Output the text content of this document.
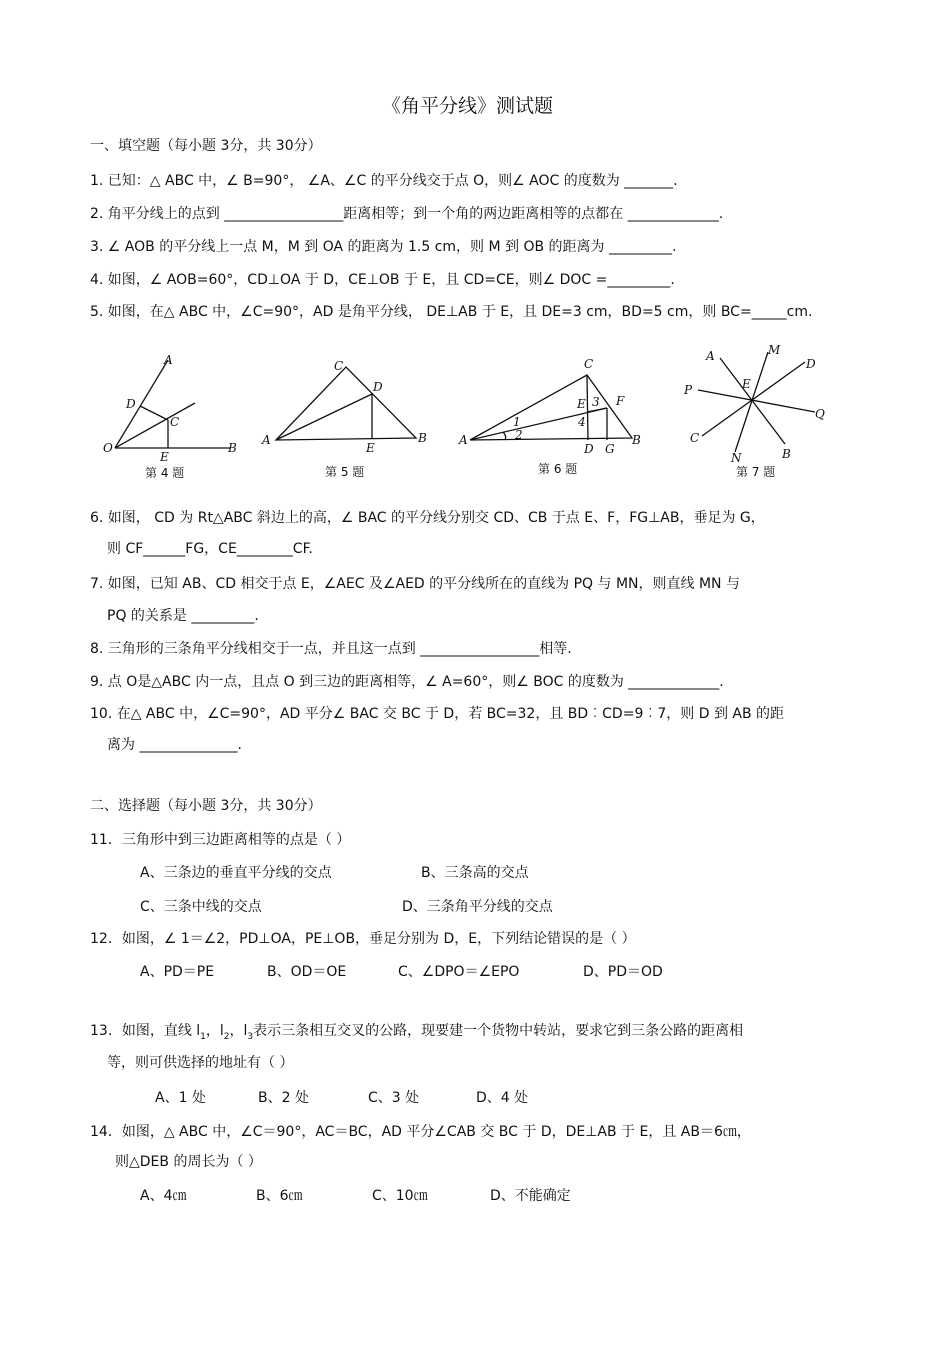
《角平分线》测试题
一、填空题（每小题 3分，共 30分）
1. 已知：△ ABC 中，∠ B=90°， ∠A、∠C 的平分线交于点 O，则∠ AOC 的度数为 _______.
2. 角平分线上的点到 _________________距离相等；到一个角的两边距离相等的点都在 _____________.
3. ∠ AOB 的平分线上一点 M，M 到 OA 的距离为 1.5 cm，则 M 到 OB 的距离为 _________.
4. 如图，∠ AOB=60°，CD⊥OA 于 D，CE⊥OB 于 E，且 CD=CE，则∠ DOC =_________.
5. 如图，在△ ABC 中，∠C=90°，AD 是角平分线， DE⊥AB 于 E，且 DE=3 cm，BD=5 cm，则 BC=_____cm.
A
D
C
O
E
B
第 4 题
C
D
A
E
B
第 5 题
C
E	F
A
D G
B
1
2
3
4
第 6 题
A	M
D
E
P
Q
C
N	B
第 7 题
6. 如图， CD 为 Rt△ABC 斜边上的高，∠ BAC 的平分线分别交 CD、CB 于点 E、F，FG⊥AB，垂足为 G，
则 CF______FG，CE________CF.
7. 如图，已知 AB、CD 相交于点 E，∠AEC 及∠AED 的平分线所在的直线为 PQ 与 MN，则直线 MN 与
PQ 的关系是 _________.
8. 三角形的三条角平分线相交于一点，并且这一点到 _________________相等.
9. 点 O是△ABC 内一点，且点 O 到三边的距离相等，∠ A=60°，则∠ BOC 的度数为 _____________.
10. 在△ ABC 中，∠C=90°，AD 平分∠ BAC 交 BC 于 D，若 BC=32，且 BD︰CD=9︰7，则 D 到 AB 的距
离为 ______________.
二、选择题（每小题 3分，共 30分）
11．三角形中到三边距离相等的点是（ ）
A、三条边的垂直平分线的交点	B、三条高的交点
C、三条中线的交点	D、三条角平分线的交点
12．如图，∠ 1＝∠2，PD⊥OA，PE⊥OB，垂足分别为 D，E，下列结论错误的是（ ）
A、PD＝PE	B、OD＝OE	C、∠DPO＝∠EPO	D、PD＝OD
13．如图，直线 $l_1$，$l_2$，$l_3$表示三条相互交叉的公路，现要建一个货物中转站，要求它到三条公路的距离相
等，则可供选择的地址有（ ）
A、1 处	B、2 处	C、3 处	D、4 处
14．如图，△ ABC 中，∠C＝90°，AC＝BC，AD 平分∠CAB 交 BC 于 D，DE⊥AB 于 E，且 AB＝6㎝，
则△DEB 的周长为（ ）
A、4㎝	B、6㎝	C、10㎝	D、不能确定
